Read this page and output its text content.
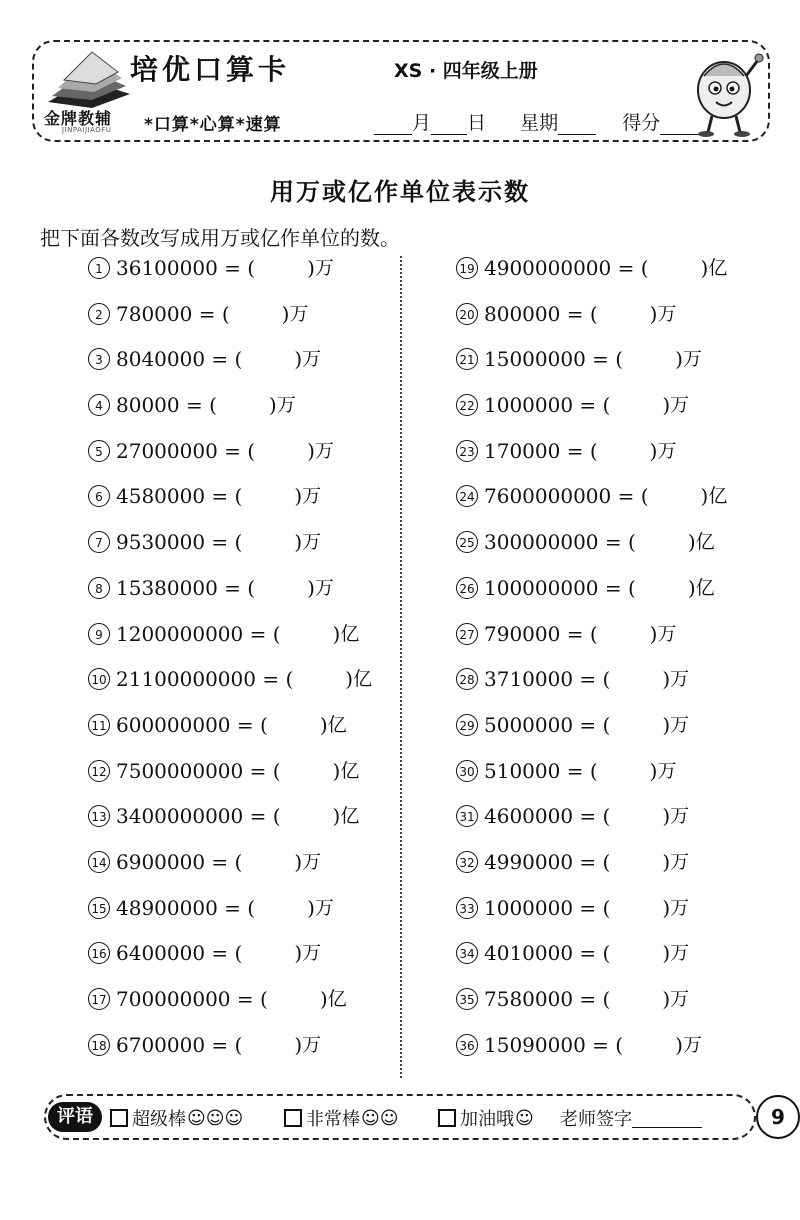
金牌教辅
JINPAIJIAOFU
培优口算卡	XS · 四年级上册
*口算*心算*速算	月 日 星期	得分
用万或亿作单位表示数
把下面各数改写成用万或亿作单位的数。
1 36100000 = (	) 万
2 780000 = (	) 万
3 8040000 = (	) 万
4 80000 = (	) 万
5 27000000 = (	) 万
6 4580000 = (	) 万
7 9530000 = (	) 万
8 15380000 = (	) 万
9 1200000000 = (	) 亿
10 21100000000 = (	) 亿
11 600000000 = (	) 亿
12 7500000000 = (	) 亿
13 3400000000 = (	) 亿
14 6900000 = (	) 万
15 48900000 = (	) 万
16 6400000 = (	) 万
17 700000000 = (	) 亿
18 6700000 = (	) 万
19 4900000000 = (	) 亿
20 800000 = (	) 万
21 15000000 = (	) 万
22 1000000 = (	) 万
23 170000 = (	) 万
24 7600000000 = (	) 亿
25 300000000 = (	) 亿
26 100000000 = (	) 亿
27 790000 = (	) 万
28 3710000 = (	) 万
29 5000000 = (	) 万
30 510000 = (	) 万
31 4600000 = (	) 万
32 4990000 = (	) 万
33 1000000 = (	) 万
34 4010000 = (	) 万
35 7580000 = (	) 万
36 15090000 = (	) 万
评语	超级棒 ☺☺☺	非常棒 ☺☺	加油哦 ☺ 老师签字	9
